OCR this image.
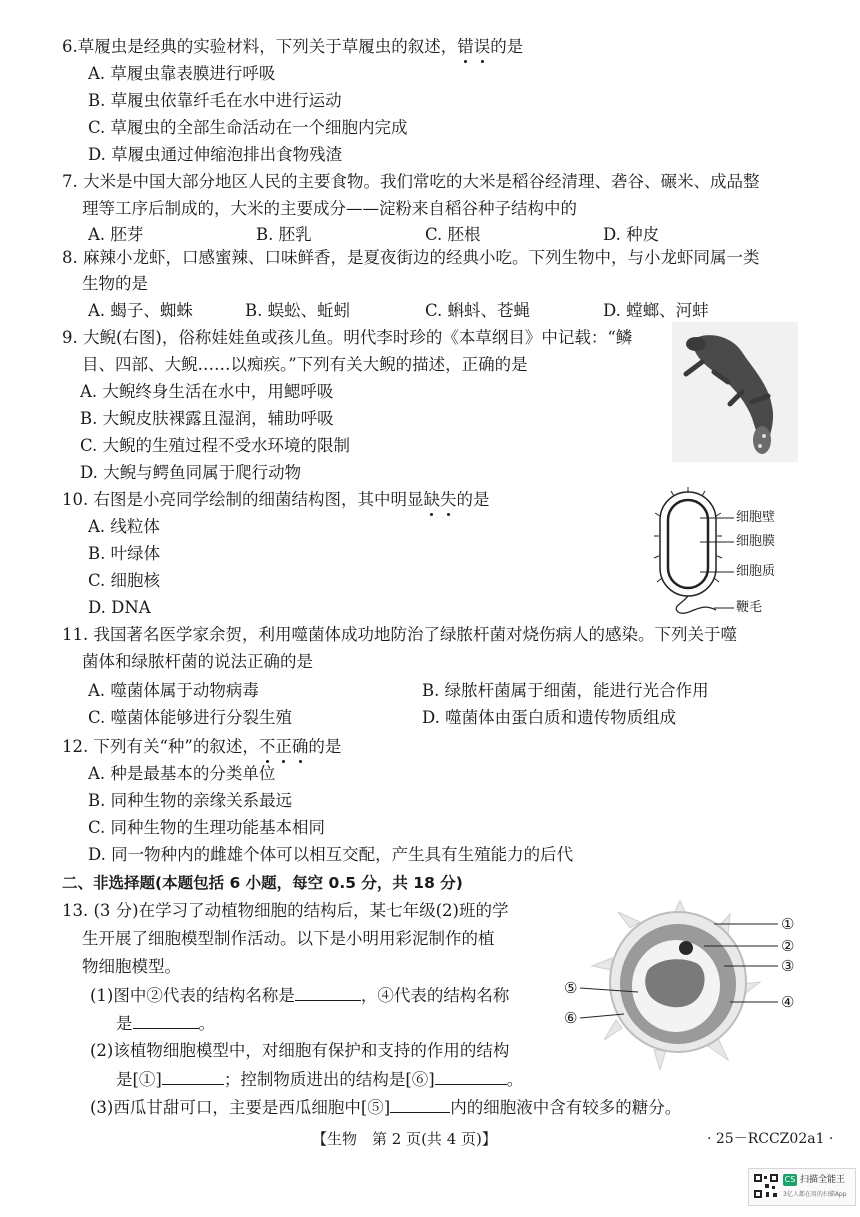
6.草履虫是经典的实验材料，下列关于草履虫的叙述，错误的是
A. 草履虫靠表膜进行呼吸
B. 草履虫依靠纤毛在水中进行运动
C. 草履虫的全部生命活动在一个细胞内完成
D. 草履虫通过伸缩泡排出食物残渣
7. 大米是中国大部分地区人民的主要食物。我们常吃的大米是稻谷经清理、砻谷、碾米、成品整
理等工序后制成的，大米的主要成分——淀粉来自稻谷种子结构中的
A. 胚芽	B. 胚乳	C. 胚根	D. 种皮
8. 麻辣小龙虾，口感蜜辣、口味鲜香，是夏夜街边的经典小吃。下列生物中，与小龙虾同属一类
生物的是
A. 蝎子、蜘蛛	B. 蜈蚣、蚯蚓	C. 蝌蚪、苍蝇	D. 螳螂、河蚌
9. 大鲵(右图)，俗称娃娃鱼或孩儿鱼。明代李时珍的《本草纲目》中记载：“鳞
目、四部、大鲵……以痴疾。”下列有关大鲵的描述，正确的是
A. 大鲵终身生活在水中，用鳃呼吸
B. 大鲵皮肤裸露且湿润，辅助呼吸
C. 大鲵的生殖过程不受水环境的限制
D. 大鲵与鳄鱼同属于爬行动物
10. 右图是小亮同学绘制的细菌结构图，其中明显缺失的是
A. 线粒体
B. 叶绿体
C. 细胞核
D. DNA
细胞壁
细胞膜
细胞质
鞭毛
11. 我国著名医学家余贺，利用噬菌体成功地防治了绿脓杆菌对烧伤病人的感染。下列关于噬
菌体和绿脓杆菌的说法正确的是
A. 噬菌体属于动物病毒	B. 绿脓杆菌属于细菌，能进行光合作用
C. 噬菌体能够进行分裂生殖	D. 噬菌体由蛋白质和遗传物质组成
12. 下列有关“种”的叙述，不正确的是
A. 种是最基本的分类单位
B. 同种生物的亲缘关系最远
C. 同种生物的生理功能基本相同
D. 同一物种内的雌雄个体可以相互交配，产生具有生殖能力的后代
二、非选择题(本题包括 6 小题，每空 0.5 分，共 18 分)
13. (3 分)在学习了动植物细胞的结构后，某七年级(2)班的学
生开展了细胞模型制作活动。以下是小明用彩泥制作的植
物细胞模型。
(1)图中②代表的结构名称是	，④代表的结构名称
是	。
(2)该植物细胞模型中，对细胞有保护和支持的作用的结构
是[①]	；控制物质进出的结构是[⑥]	。
(3)西瓜甘甜可口，主要是西瓜细胞中[⑤]	内的细胞液中含有较多的糖分。
①
②
③
④
⑤
⑥
【生物　第 2 页(共 4 页)】	· 25－RCCZ02a1 ·
CS 扫描全能王
3亿人都在用的扫描App
